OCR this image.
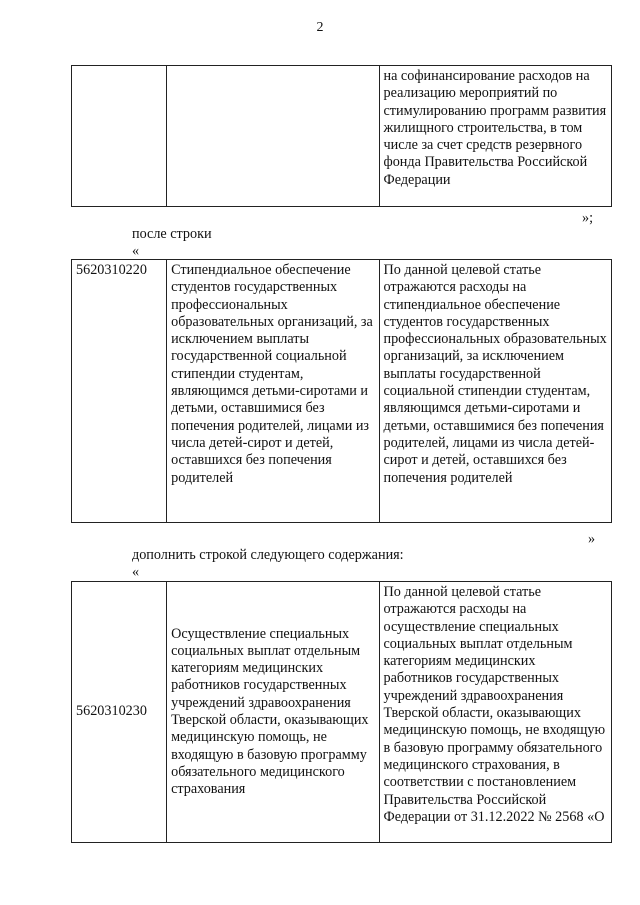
2
		на софинансирование расходов на реализацию мероприятий по стимулированию программ развития жилищного строительства, в том числе за счет средств резервного фонда Правительства Российской Федерации
»;
после строки
«
5620310220	Стипендиальное обеспечение студентов государственных профессиональных образовательных организаций, за исключением выплаты государственной социальной стипендии студентам, являющимся детьми-сиротами и детьми, оставшимися без попечения родителей, лицами из числа детей-сирот и детей, оставшихся без попечения родителей	По данной целевой статье отражаются расходы на стипендиальное обеспечение студентов государственных профессиональных образовательных организаций, за исключением выплаты государственной социальной стипендии студентам, являющимся детьми-сиротами и детьми, оставшимися без попечения родителей, лицами из числа детей-сирот и детей, оставшихся без попечения родителей
»
дополнить строкой следующего содержания:
«
5620310230	Осуществление специальных социальных выплат отдельным категориям медицинских работников государственных учреждений здравоохранения Тверской области, оказывающих медицинскую помощь, не входящую в базовую программу обязательного медицинского страхования	По данной целевой статье отражаются расходы на осуществление специальных социальных выплат отдельным категориям медицинских работников государственных учреждений здравоохранения Тверской области, оказывающих медицинскую помощь, не входящую в базовую программу обязательного медицинского страхования, в соответствии с постановлением Правительства Российской Федерации от 31.12.2022 № 2568 «О
